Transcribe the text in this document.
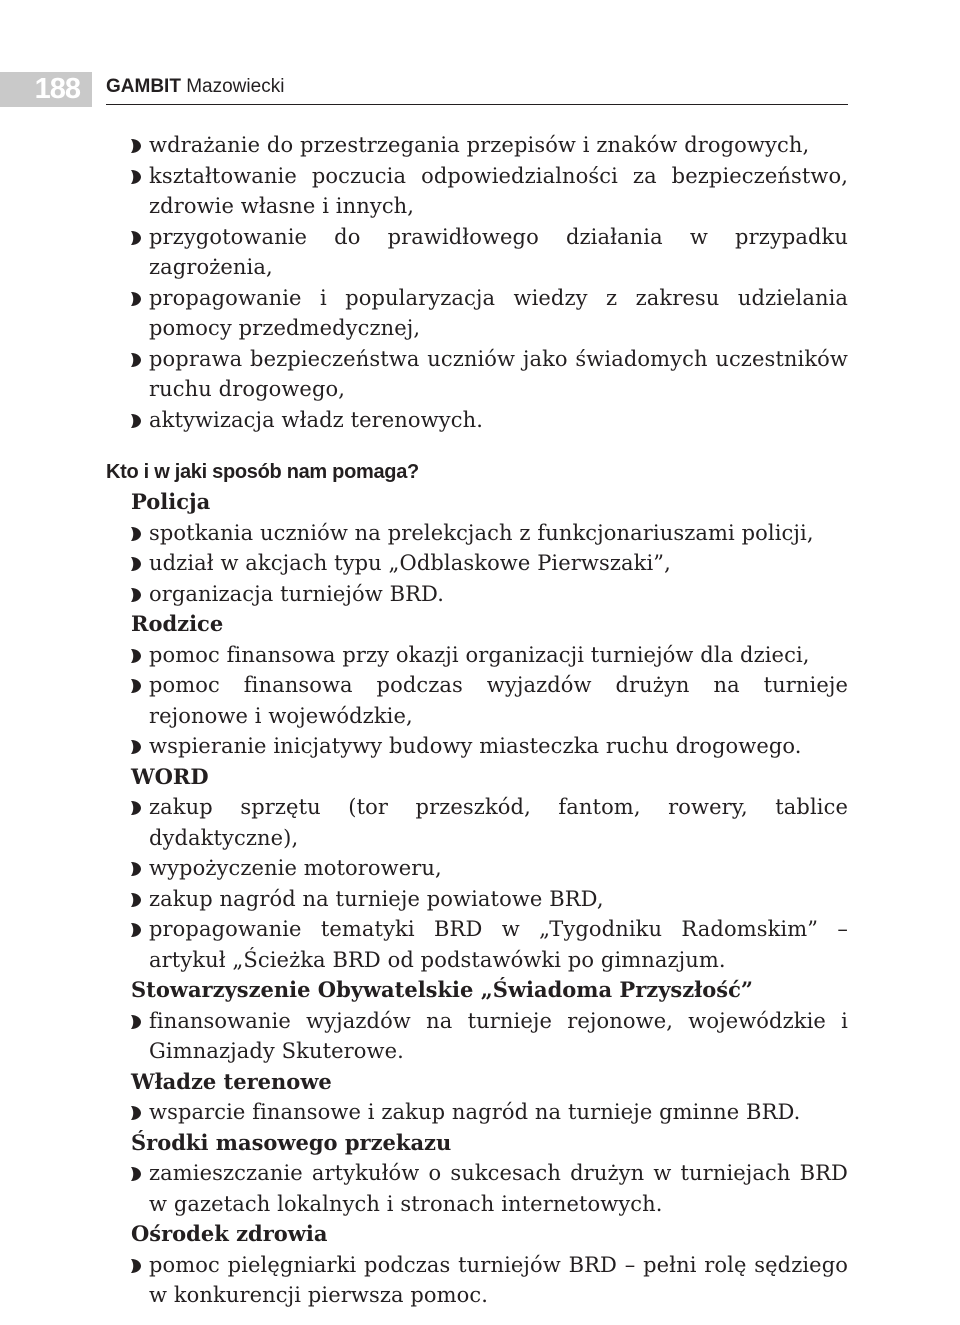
188	GAMBIT Mazowiecki
wdrażanie do przestrzegania przepisów i znaków drogowych,
kształtowanie poczucia odpowiedzialności za bezpieczeństwo, zdrowie własne i innych,
przygotowanie do prawidłowego działania w przypadku zagrożenia,
propagowanie i popularyzacja wiedzy z zakresu udzielania pomocy przedmedycznej,
poprawa bezpieczeństwa uczniów jako świadomych uczestników ruchu drogowego,
aktywizacja władz terenowych.
Kto i w jaki sposób nam pomaga?
Policja
spotkania uczniów na prelekcjach z funkcjonariuszami policji,
udział w akcjach typu „Odblaskowe Pierwszaki”,
organizacja turniejów BRD.
Rodzice
pomoc finansowa przy okazji organizacji turniejów dla dzieci,
pomoc finansowa podczas wyjazdów drużyn na turnieje rejonowe i wojewódzkie,
wspieranie inicjatywy budowy miasteczka ruchu drogowego.
WORD
zakup sprzętu (tor przeszkód, fantom, rowery, tablice dydaktyczne),
wypożyczenie motoroweru,
zakup nagród na turnieje powiatowe BRD,
propagowanie tematyki BRD w „Tygodniku Radomskim” – artykuł „Ścieżka BRD od podstawówki po gimnazjum.
Stowarzyszenie Obywatelskie „Świadoma Przyszłość”
finansowanie wyjazdów na turnieje rejonowe, wojewódzkie i Gimnazjady Skuterowe.
Władze terenowe
wsparcie finansowe i zakup nagród na turnieje gminne BRD.
Środki masowego przekazu
zamieszczanie artykułów o sukcesach drużyn w turniejach BRD w gazetach lokalnych i stronach internetowych.
Ośrodek zdrowia
pomoc pielęgniarki podczas turniejów BRD – pełni rolę sędziego w konkurencji pierwsza pomoc.
